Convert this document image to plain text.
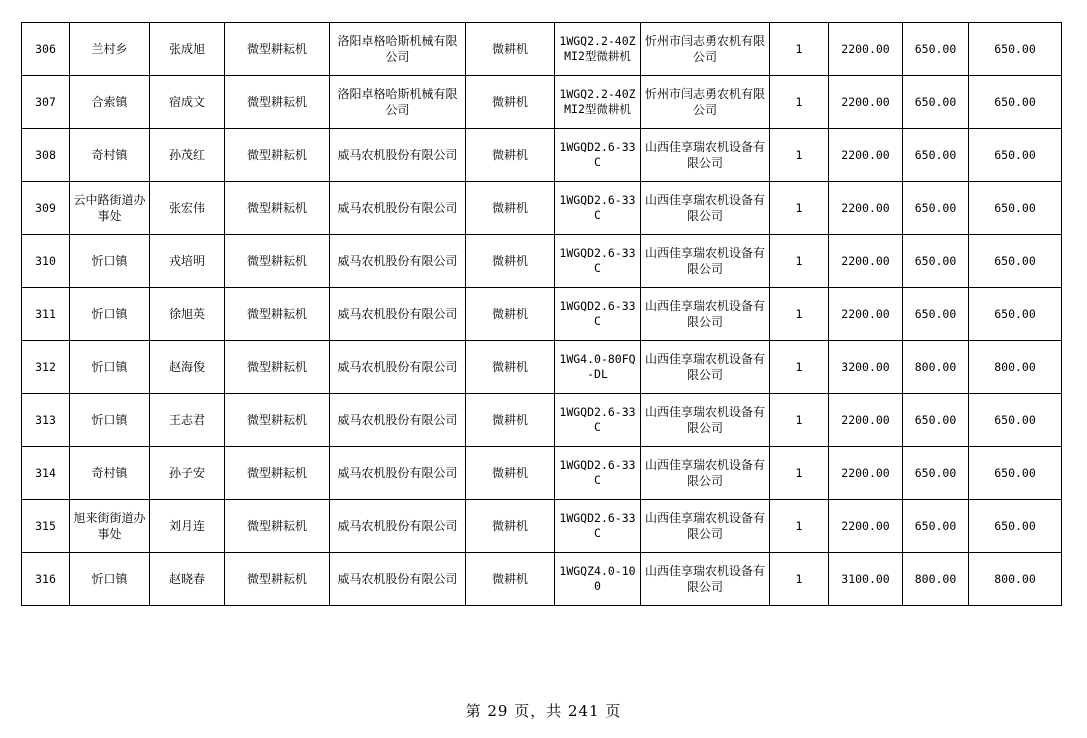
306	兰村乡	张成旭	微型耕耘机	洛阳卓格哈斯机械有限公司	微耕机	1WGQ2.2-40ZMI2型微耕机	忻州市闫志勇农机有限公司	1	2200.00	650.00	650.00
307	合索镇	宿成文	微型耕耘机	洛阳卓格哈斯机械有限公司	微耕机	1WGQ2.2-40ZMI2型微耕机	忻州市闫志勇农机有限公司	1	2200.00	650.00	650.00
308	奇村镇	孙茂红	微型耕耘机	威马农机股份有限公司	微耕机	1WGQD2.6-33C	山西佳享瑞农机设备有限公司	1	2200.00	650.00	650.00
309	云中路街道办事处	张宏伟	微型耕耘机	威马农机股份有限公司	微耕机	1WGQD2.6-33C	山西佳享瑞农机设备有限公司	1	2200.00	650.00	650.00
310	忻口镇	戎培明	微型耕耘机	威马农机股份有限公司	微耕机	1WGQD2.6-33C	山西佳享瑞农机设备有限公司	1	2200.00	650.00	650.00
311	忻口镇	徐旭英	微型耕耘机	威马农机股份有限公司	微耕机	1WGQD2.6-33C	山西佳享瑞农机设备有限公司	1	2200.00	650.00	650.00
312	忻口镇	赵海俊	微型耕耘机	威马农机股份有限公司	微耕机	1WG4.0-80FQ-DL	山西佳享瑞农机设备有限公司	1	3200.00	800.00	800.00
313	忻口镇	王志君	微型耕耘机	威马农机股份有限公司	微耕机	1WGQD2.6-33C	山西佳享瑞农机设备有限公司	1	2200.00	650.00	650.00
314	奇村镇	孙子安	微型耕耘机	威马农机股份有限公司	微耕机	1WGQD2.6-33C	山西佳享瑞农机设备有限公司	1	2200.00	650.00	650.00
315	旭来街街道办事处	刘月连	微型耕耘机	威马农机股份有限公司	微耕机	1WGQD2.6-33C	山西佳享瑞农机设备有限公司	1	2200.00	650.00	650.00
316	忻口镇	赵晓春	微型耕耘机	威马农机股份有限公司	微耕机	1WGQZ4.0-100	山西佳享瑞农机设备有限公司	1	3100.00	800.00	800.00
第 29 页，共 241 页
